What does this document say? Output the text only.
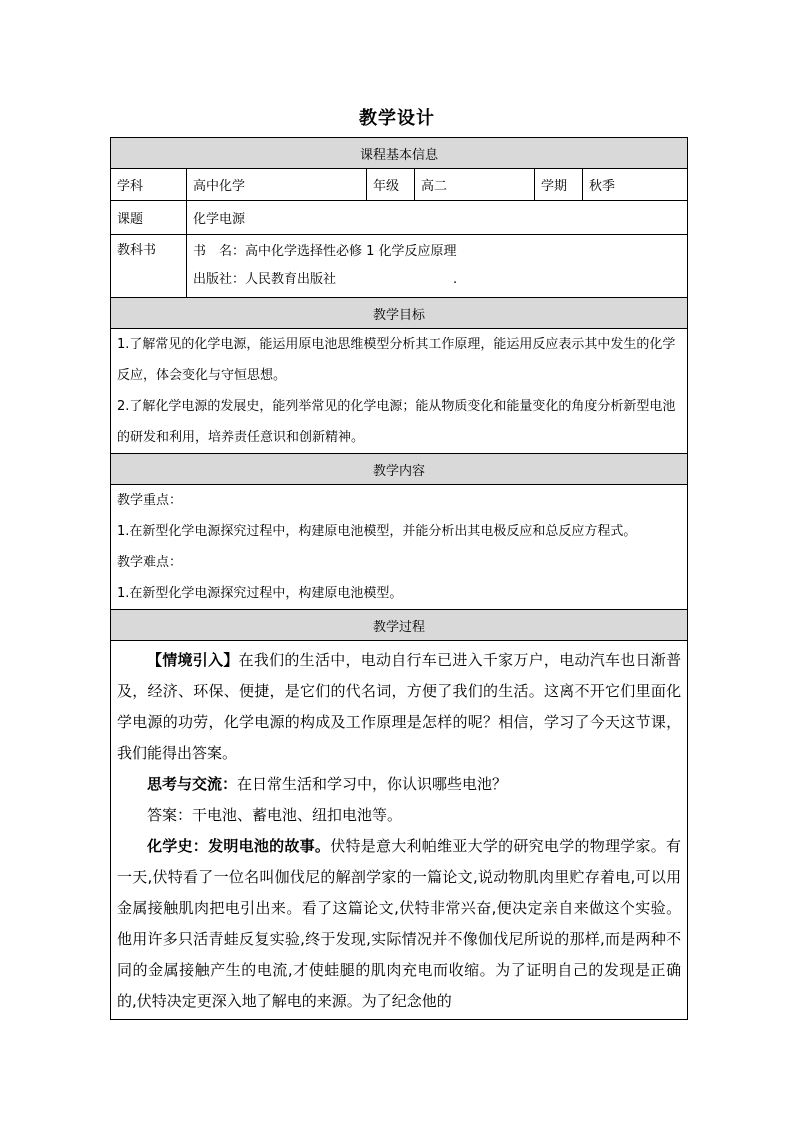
教学设计
课程基本信息					
学科	高中化学	年级	高二	学期	秋季
课题	化学电源				
教科书	书　名：高中化学选择性必修 1 化学反应原理

出版社：人民教育出版社　　　　　　　　　.				

教学目标					

1.了解常见的化学电源，能运用原电池思维模型分析其工作原理，能运用反应表示其中发生的化学反应，体会变化与守恒思想。

2.了解化学电源的发展史，能列举常见的化学电源；能从物质变化和能量变化的角度分析新型电池的研发和利用，培养责任意识和创新精神。					

教学内容					

教学重点：

1.在新型化学电源探究过程中，构建原电池模型，并能分析出其电极反应和总反应方程式。

教学难点：

1.在新型化学电源探究过程中，构建原电池模型。					

教学过程					

【情境引入】在我们的生活中，电动自行车已进入千家万户，电动汽车也日渐普及，经济、环保、便捷，是它们的代名词，方便了我们的生活。这离不开它们里面化学电源的功劳，化学电源的构成及工作原理是怎样的呢？相信，学习了今天这节课，我们能得出答案。

思考与交流：在日常生活和学习中，你认识哪些电池？

答案：干电池、蓄电池、纽扣电池等。

化学史：发明电池的故事。伏特是意大利帕维亚大学的研究电学的物理学家。有一天,伏特看了一位名叫伽伐尼的解剖学家的一篇论文,说动物肌肉里贮存着电,可以用金属接触肌肉把电引出来。看了这篇论文,伏特非常兴奋,便决定亲自来做这个实验。他用许多只活青蛙反复实验,终于发现,实际情况并不像伽伐尼所说的那样,而是两种不同的金属接触产生的电流,才使蛙腿的肌肉充电而收缩。为了证明自己的发现是正确的,伏特决定更深入地了解电的来源。为了纪念他的					
